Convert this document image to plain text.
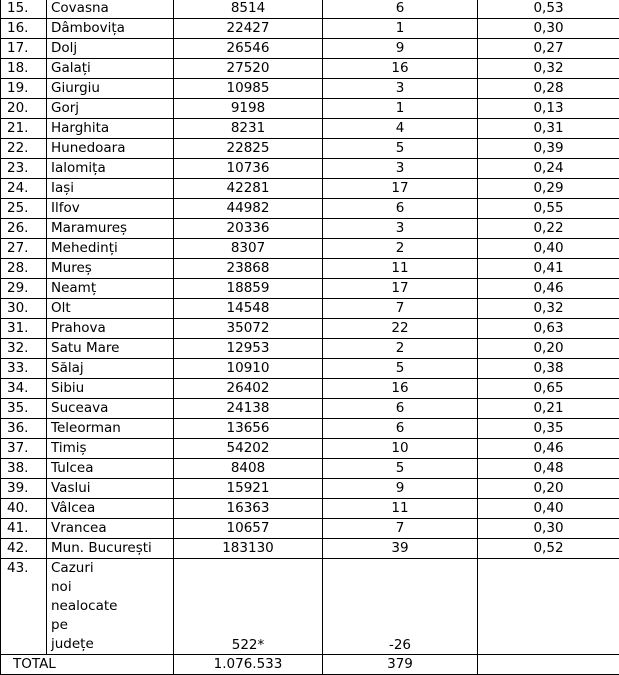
15.	Covasna	8514	6	0,53
16.	Dâmbovița	22427	1	0,30
17.	Dolj	26546	9	0,27
18.	Galați	27520	16	0,32
19.	Giurgiu	10985	3	0,28
20.	Gorj	9198	1	0,13
21.	Harghita	8231	4	0,31
22.	Hunedoara	22825	5	0,39
23.	Ialomița	10736	3	0,24
24.	Iași	42281	17	0,29
25.	Ilfov	44982	6	0,55
26.	Maramureș	20336	3	0,22
27.	Mehedinți	8307	2	0,40
28.	Mureș	23868	11	0,41
29.	Neamț	18859	17	0,46
30.	Olt	14548	7	0,32
31.	Prahova	35072	22	0,63
32.	Satu Mare	12953	2	0,20
33.	Sălaj	10910	5	0,38
34.	Sibiu	26402	16	0,65
35.	Suceava	24138	6	0,21
36.	Teleorman	13656	6	0,35
37.	Timiș	54202	10	0,46
38.	Tulcea	8408	5	0,48
39.	Vaslui	15921	9	0,20
40.	Vâlcea	16363	11	0,40
41.	Vrancea	10657	7	0,30
42.	Mun. București	183130	39	0,52
43.	Cazuri
noi
nealocate
pe
județe	522*	-26	
TOTAL		1.076.533	379	
